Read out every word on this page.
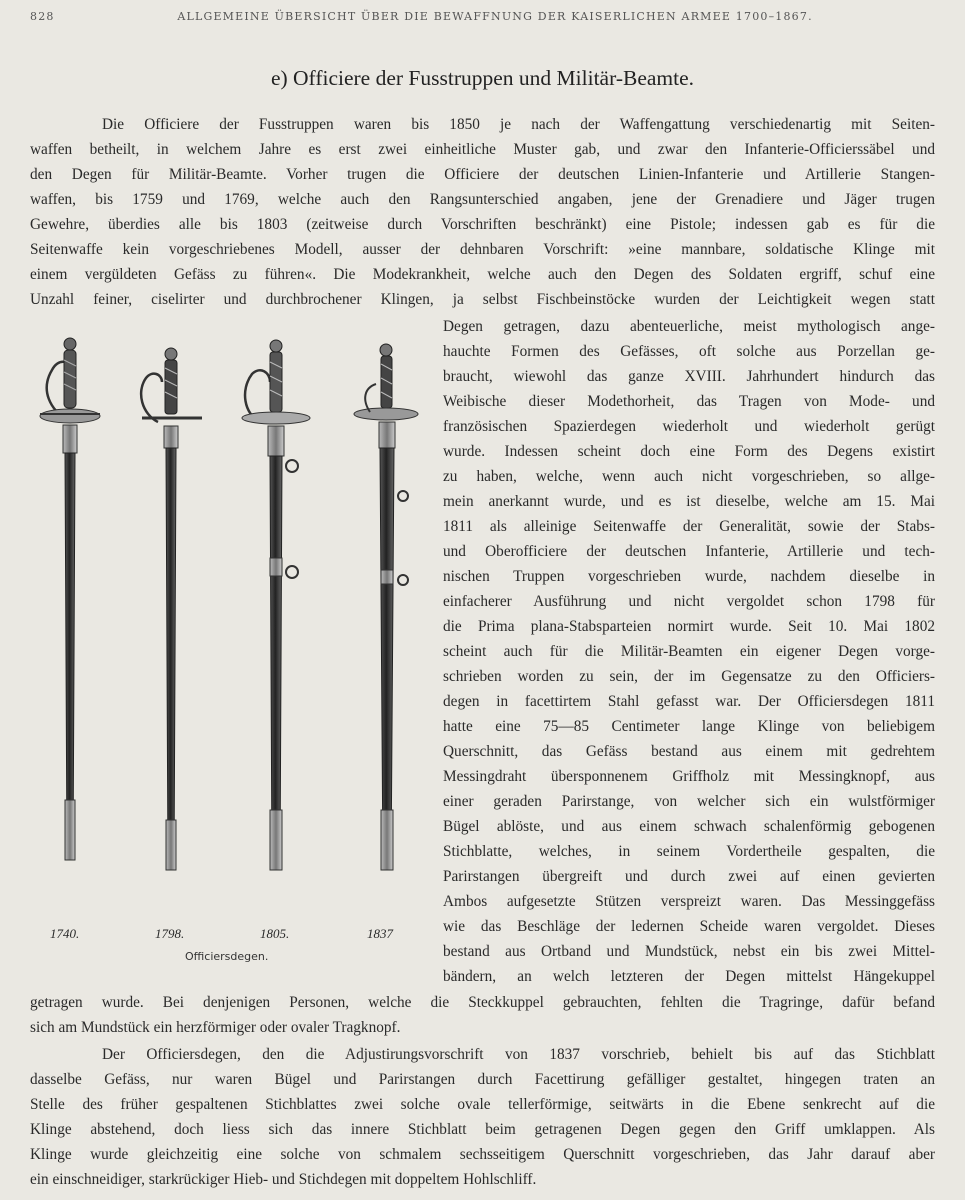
828	ALLGEMEINE ÜBERSICHT ÜBER DIE BEWAFFNUNG DER KAISERLICHEN ARMEE 1700–1867.
e) Officiere der Fusstruppen und Militär-Beamte.
Die Officiere der Fusstruppen waren bis 1850 je nach der Waffengattung verschiedenartig mit Seiten-
waffen betheilt, in welchem Jahre es erst zwei einheitliche Muster gab, und zwar den Infanterie-Officierssäbel und
den Degen für Militär-Beamte. Vorher trugen die Officiere der deutschen Linien-Infanterie und Artillerie Stangen-
waffen, bis 1759 und 1769, welche auch den Rangsunterschied angaben, jene der Grenadiere und Jäger trugen
Gewehre, überdies alle bis 1803 (zeitweise durch Vorschriften beschränkt) eine Pistole; indessen gab es für die
Seitenwaffe kein vorgeschriebenes Modell, ausser der dehnbaren Vorschrift: »eine mannbare, soldatische Klinge mit
einem vergüldeten Gefäss zu führen«. Die Modekrankheit, welche auch den Degen des Soldaten ergriff, schuf eine
Unzahl feiner, ciselirter und durchbrochener Klingen, ja selbst Fischbeinstöcke wurden der Leichtigkeit wegen statt
Degen getragen, dazu abenteuerliche, meist mythologisch ange-
hauchte Formen des Gefässes, oft solche aus Porzellan ge-
braucht, wiewohl das ganze XVIII. Jahrhundert hindurch das
Weibische dieser Modethorheit, das Tragen von Mode- und
französischen Spazierdegen wiederholt und wiederholt gerügt
wurde. Indessen scheint doch eine Form des Degens existirt
zu haben, welche, wenn auch nicht vorgeschrieben, so allge-
mein anerkannt wurde, und es ist dieselbe, welche am 15. Mai
1811 als alleinige Seitenwaffe der Generalität, sowie der Stabs-
und Oberofficiere der deutschen Infanterie, Artillerie und tech-
nischen Truppen vorgeschrieben wurde, nachdem dieselbe in
einfacherer Ausführung und nicht vergoldet schon 1798 für
die Prima plana-Stabsparteien normirt wurde. Seit 10. Mai 1802
scheint auch für die Militär-Beamten ein eigener Degen vorge-
schrieben worden zu sein, der im Gegensatze zu den Officiers-
degen in facettirtem Stahl gefasst war. Der Officiersdegen 1811
hatte eine 75—85 Centimeter lange Klinge von beliebigem
Querschnitt, das Gefäss bestand aus einem mit gedrehtem
Messingdraht übersponnenem Griffholz mit Messingknopf, aus
einer geraden Parirstange, von welcher sich ein wulstförmiger
Bügel ablöste, und aus einem schwach schalenförmig gebogenen
Stichblatte, welches, in seinem Vordertheile gespalten, die
Parirstangen übergreift und durch zwei auf einen gevierten
Ambos aufgesetzte Stützen verspreizt waren. Das Messinggefäss
wie das Beschläge der ledernen Scheide waren vergoldet. Dieses
bestand aus Ortband und Mundstück, nebst ein bis zwei Mittel-
bändern, an welch letzteren der Degen mittelst Hängekuppel
getragen wurde. Bei denjenigen Personen, welche die Steckkuppel gebrauchten, fehlten die Tragringe, dafür befand
sich am Mundstück ein herzförmiger oder ovaler Tragknopf.
Der Officiersdegen, den die Adjustirungsvorschrift von 1837 vorschrieb, behielt bis auf das Stichblatt
dasselbe Gefäss, nur waren Bügel und Parirstangen durch Facettirung gefälliger gestaltet, hingegen traten an
Stelle des früher gespaltenen Stichblattes zwei solche ovale tellerförmige, seitwärts in die Ebene senkrecht auf die
Klinge abstehend, doch liess sich das innere Stichblatt beim getragenen Degen gegen den Griff umklappen. Als
Klinge wurde gleichzeitig eine solche von schmalem sechsseitigem Querschnitt vorgeschrieben, das Jahr darauf aber
ein einschneidiger, starkrückiger Hieb- und Stichdegen mit doppeltem Hohlschliff.
1740.	1798.	1805.	1837
Officiersdegen.
